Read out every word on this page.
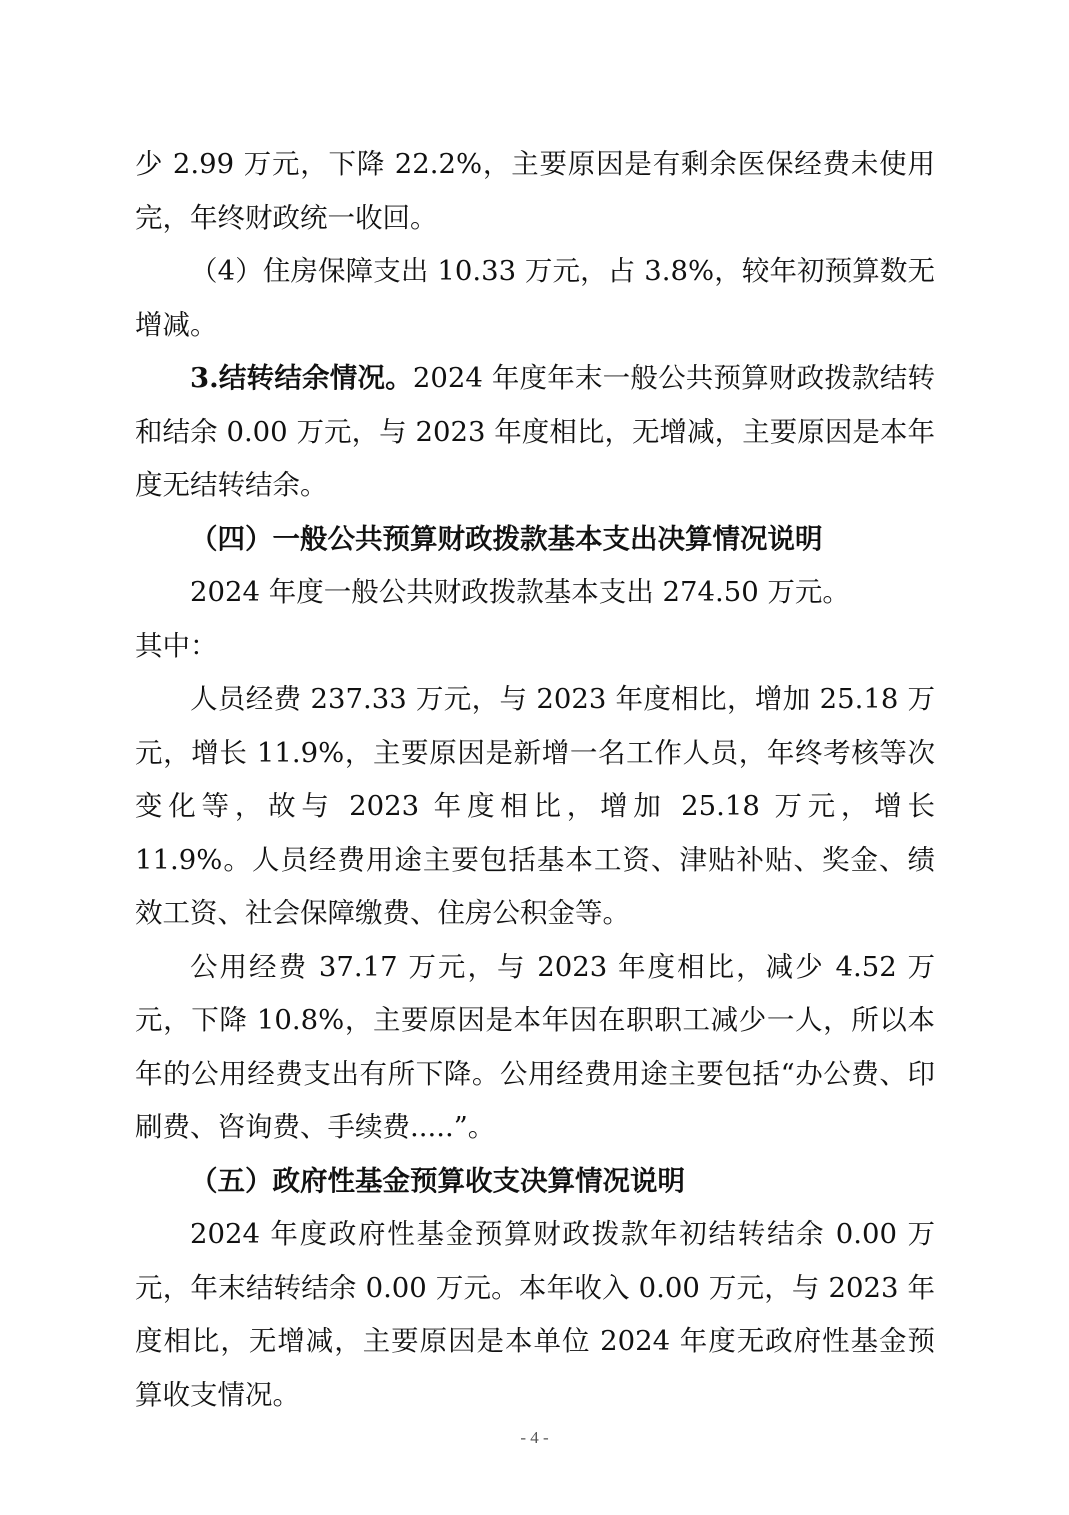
少 2.99 万元，下降 22.2%，主要原因是有剩余医保经费未使用完，年终财政统一收回。

（4）住房保障支出 10.33 万元，占 3.8%，较年初预算数无增减。

3.结转结余情况。2024 年度年末一般公共预算财政拨款结转和结余 0.00 万元，与 2023 年度相比，无增减，主要原因是本年度无结转结余。

（四）一般公共预算财政拨款基本支出决算情况说明

2024 年度一般公共财政拨款基本支出 274.50 万元。

其中：

人员经费 237.33 万元，与 2023 年度相比，增加 25.18 万元，增长 11.9%，主要原因是新增一名工作人员，年终考核等次变化等，故与 2023 年度相比，增加 25.18 万元，增长 11.9%。人员经费用途主要包括基本工资、津贴补贴、奖金、绩效工资、社会保障缴费、住房公积金等。

公用经费 37.17 万元，与 2023 年度相比，减少 4.52 万元，下降 10.8%，主要原因是本年因在职职工减少一人，所以本年的公用经费支出有所下降。公用经费用途主要包括“办公费、印刷费、咨询费、手续费.....”。

（五）政府性基金预算收支决算情况说明

2024 年度政府性基金预算财政拨款年初结转结余 0.00 万元，年末结转结余 0.00 万元。本年收入 0.00 万元，与 2023 年度相比，无增减，主要原因是本单位 2024 年度无政府性基金预算收支情况。

- 4 -
